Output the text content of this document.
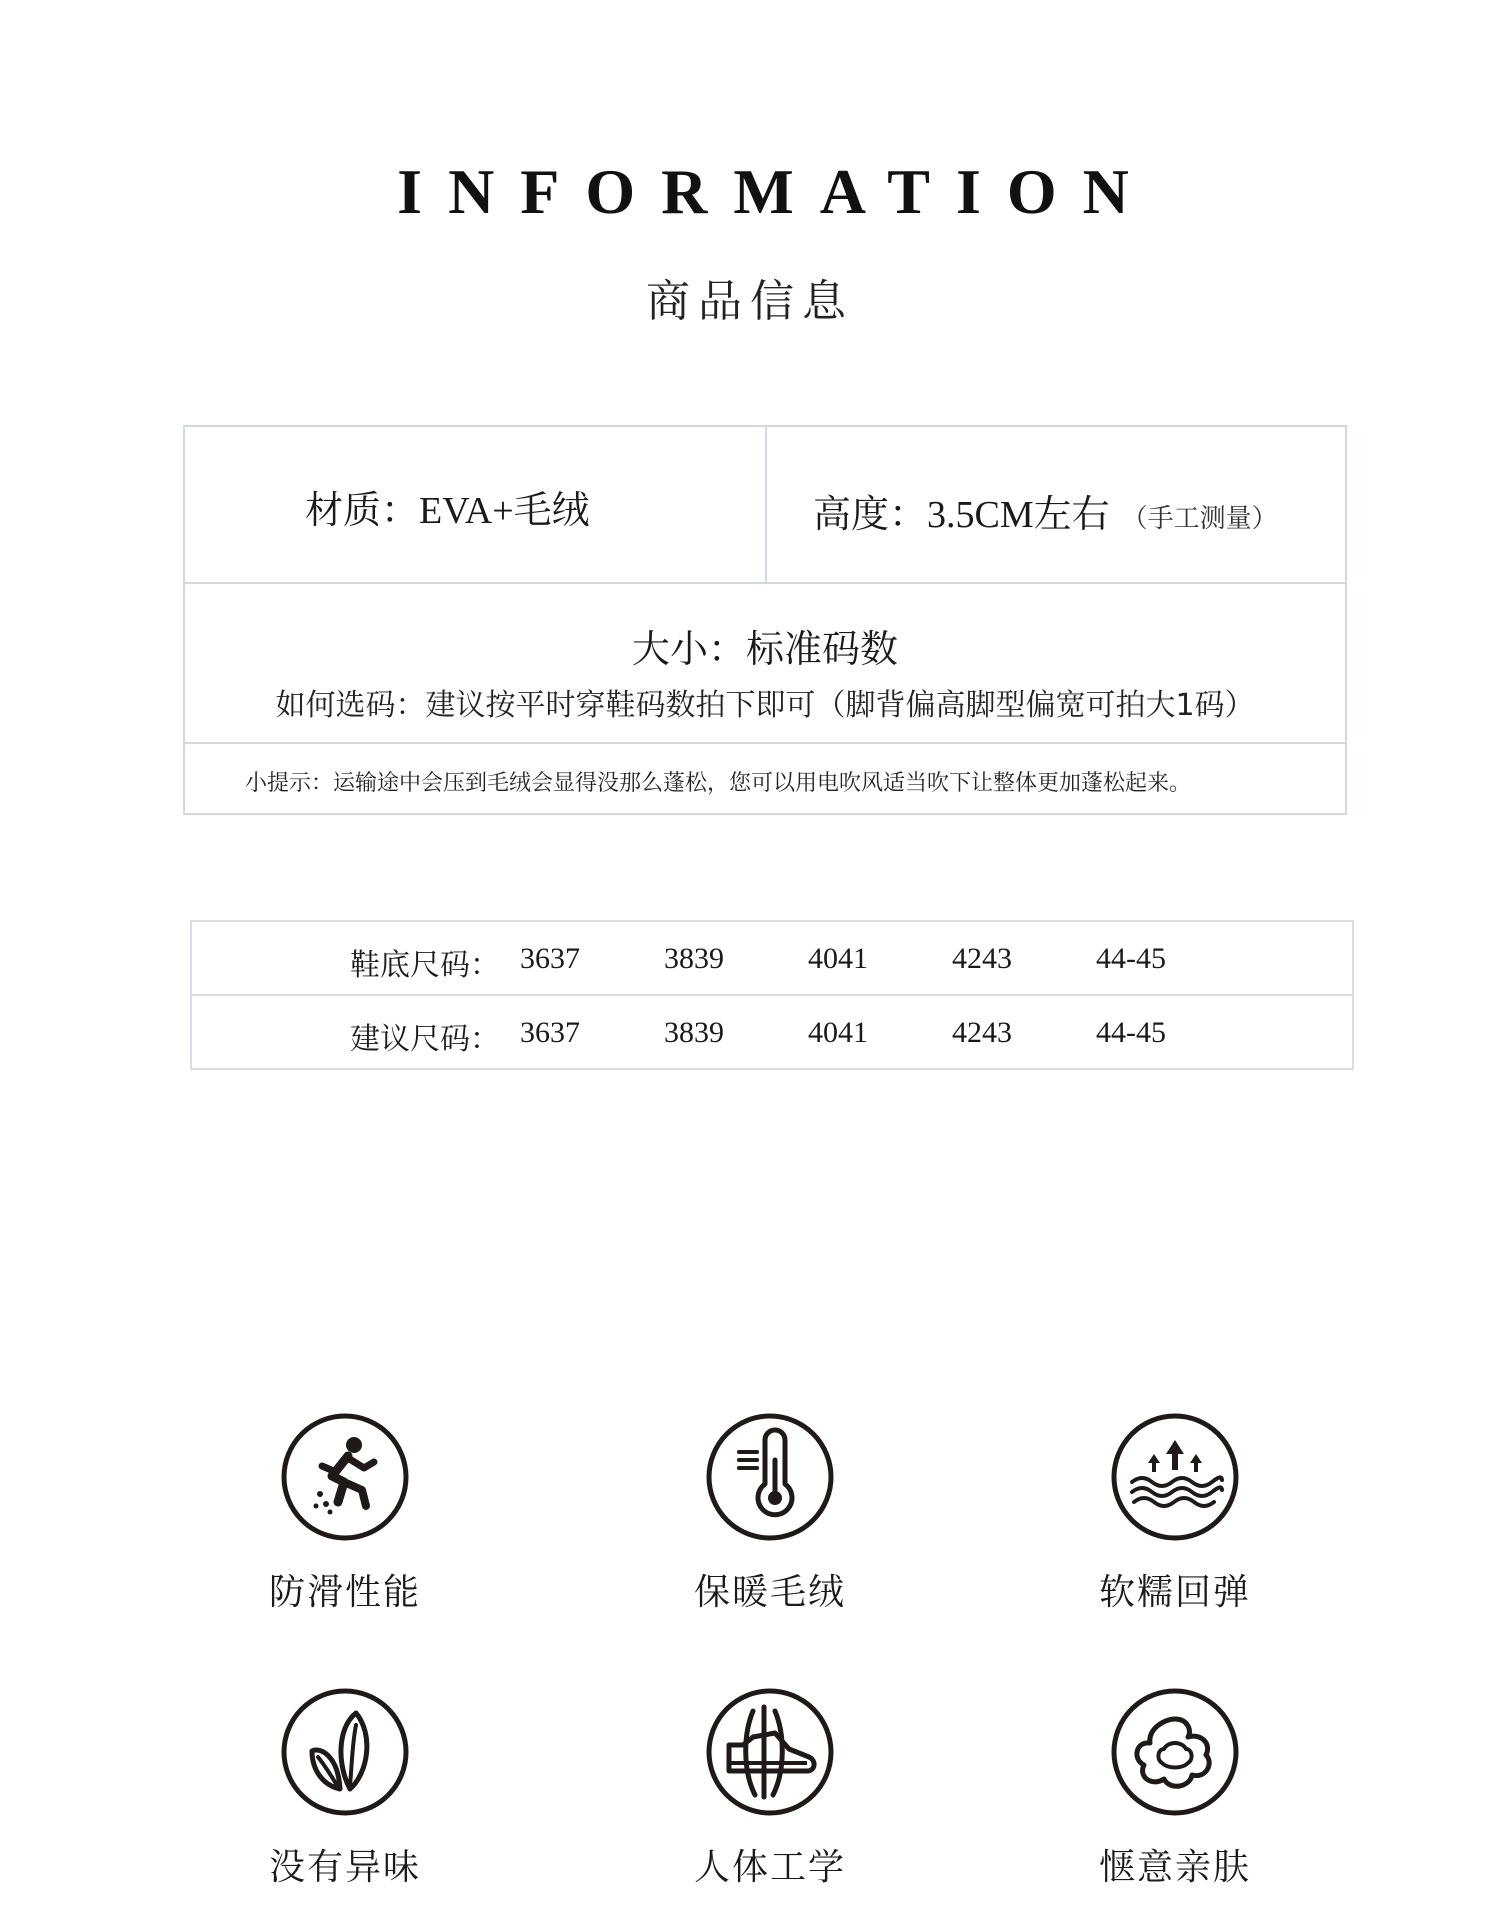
INFORMATION
商品信息
材质：EVA+毛绒	高度：3.5CM左右 （手工测量）
大小：标准码数
如何选码：建议按平时穿鞋码数拍下即可（脚背偏高脚型偏宽可拍大1码）
小提示：运输途中会压到毛绒会显得没那么蓬松，您可以用电吹风适当吹下让整体更加蓬松起来。
鞋底尺码： 3637	3839	4041	4243	44-45
建议尺码： 3637	3839	4041	4243	44-45
防滑性能	保暖毛绒	软糯回弹
没有异味	人体工学	惬意亲肤
